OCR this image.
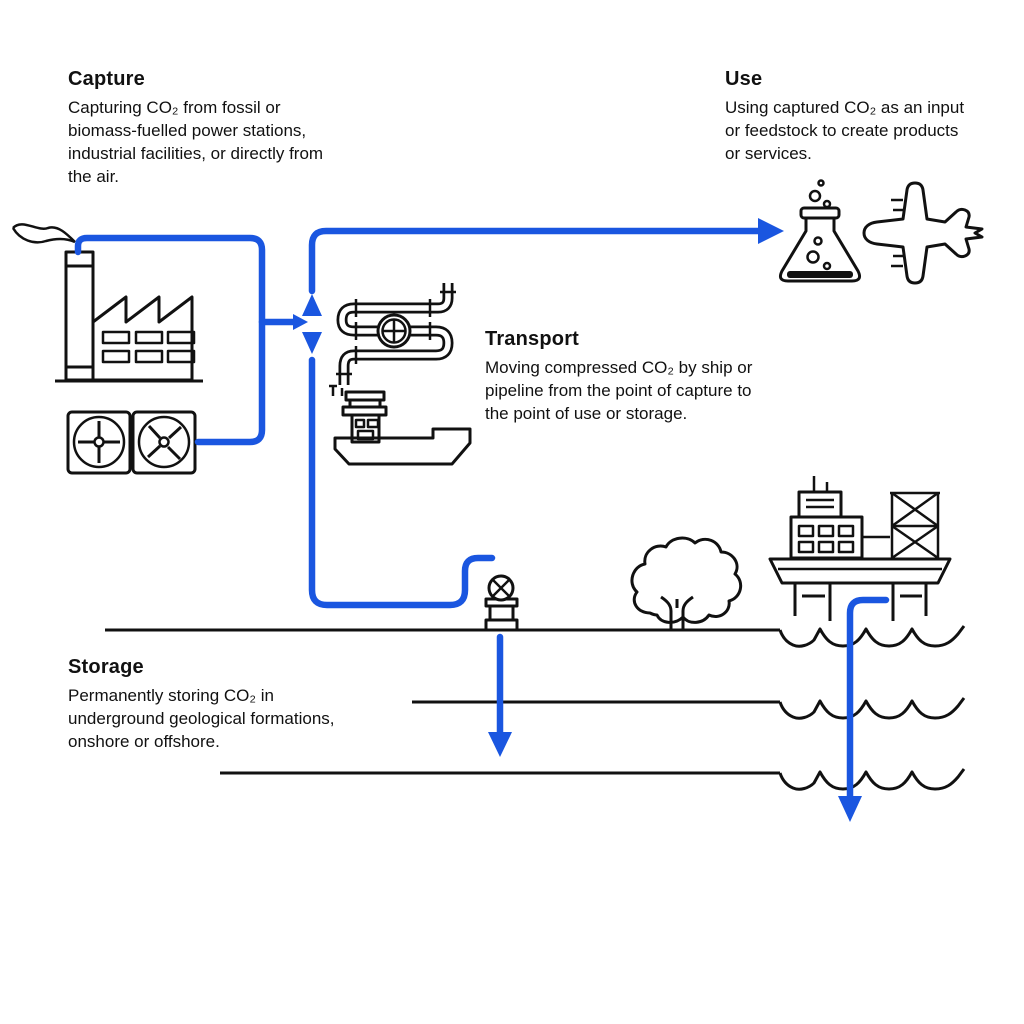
Capture
Capturing CO₂ from fossil or
biomass-fuelled power stations,
industrial facilities, or directly from
the air.
Use
Using captured CO₂ as an input
or feedstock to create products
or services.
Transport
Moving compressed CO₂ by ship or
pipeline from the point of capture to
the point of use or storage.
Storage
Permanently storing CO₂ in
underground geological formations,
onshore or offshore.
